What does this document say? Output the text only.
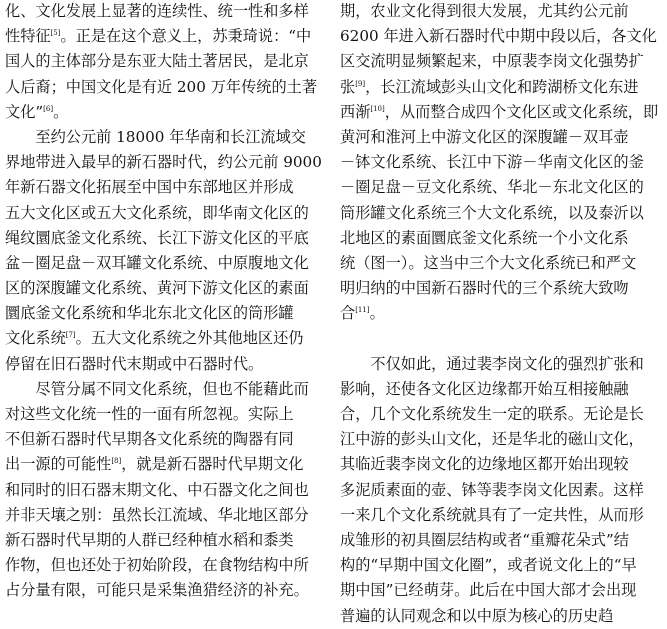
化、文化发展上显著的连续性、统一性和多样
性特征[5]。正是在这个意义上，苏秉琦说：“中
国人的主体部分是东亚大陆土著居民，是北京
人后裔；中国文化是有近 200 万年传统的土著
文化”[6]。
　　至约公元前 18000 年华南和长江流域交
界地带进入最早的新石器时代，约公元前 9000
年新石器文化拓展至中国中东部地区并形成
五大文化区或五大文化系统，即华南文化区的
绳纹圜底釜文化系统、长江下游文化区的平底
盆－圈足盘－双耳罐文化系统、中原腹地文化
区的深腹罐文化系统、黄河下游文化区的素面
圜底釜文化系统和华北东北文化区的筒形罐
文化系统[7]。五大文化系统之外其他地区还仍
停留在旧石器时代末期或中石器时代。
　　尽管分属不同文化系统，但也不能藉此而
对这些文化统一性的一面有所忽视。实际上
不但新石器时代早期各文化系统的陶器有同
出一源的可能性[8]，就是新石器时代早期文化
和同时的旧石器末期文化、中石器文化之间也
并非天壤之别：虽然长江流域、华北地区部分
新石器时代早期的人群已经种植水稻和黍类
作物，但也还处于初始阶段，在食物结构中所
占分量有限，可能只是采集渔猎经济的补充。
期，农业文化得到很大发展，尤其约公元前
6200 年进入新石器时代中期中段以后，各文化
区交流明显频繁起来，中原裴李岗文化强势扩
张[9]，长江流域彭头山文化和跨湖桥文化东进
西渐[10]，从而整合成四个文化区或文化系统，即
黄河和淮河上中游文化区的深腹罐－双耳壶
－钵文化系统、长江中下游－华南文化区的釜
－圈足盘－豆文化系统、华北－东北文化区的
筒形罐文化系统三个大文化系统，以及泰沂以
北地区的素面圜底釜文化系统一个小文化系
统（图一）。这当中三个大文化系统已和严文
明归纳的中国新石器时代的三个系统大致吻
合[11]。
　　不仅如此，通过裴李岗文化的强烈扩张和
影响，还使各文化区边缘都开始互相接触融
合，几个文化系统发生一定的联系。无论是长
江中游的彭头山文化，还是华北的磁山文化，
其临近裴李岗文化的边缘地区都开始出现较
多泥质素面的壶、钵等裴李岗文化因素。这样
一来几个文化系统就具有了一定共性，从而形
成雏形的初具圈层结构或者“重瓣花朵式”结
构的“早期中国文化圈”，或者说文化上的“早
期中国”已经萌芽。此后在中国大部才会出现
普遍的认同观念和以中原为核心的历史趋
